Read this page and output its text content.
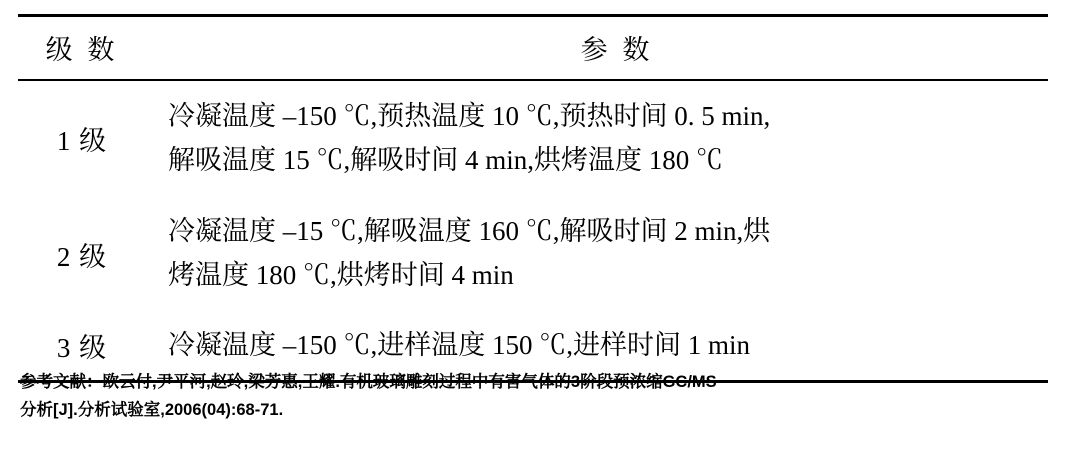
级 数	参 数
1 级	冷凝温度 –150 ℃,预热温度 10 ℃,预热时间 0. 5 min,
解吸温度 15 ℃,解吸时间 4 min,烘烤温度 180 ℃

2 级	冷凝温度 –15 ℃,解吸温度 160 ℃,解吸时间 2 min,烘
烤温度 180 ℃,烘烤时间 4 min

3 级	冷凝温度 –150 ℃,进样温度 150 ℃,进样时间 1 min
参考文献：欧云付,尹平河,赵玲,梁芳惠,王耀.有机玻璃雕刻过程中有害气体的3阶段预浓缩GC/MS
分析[J].分析试验室,2006(04):68-71.
